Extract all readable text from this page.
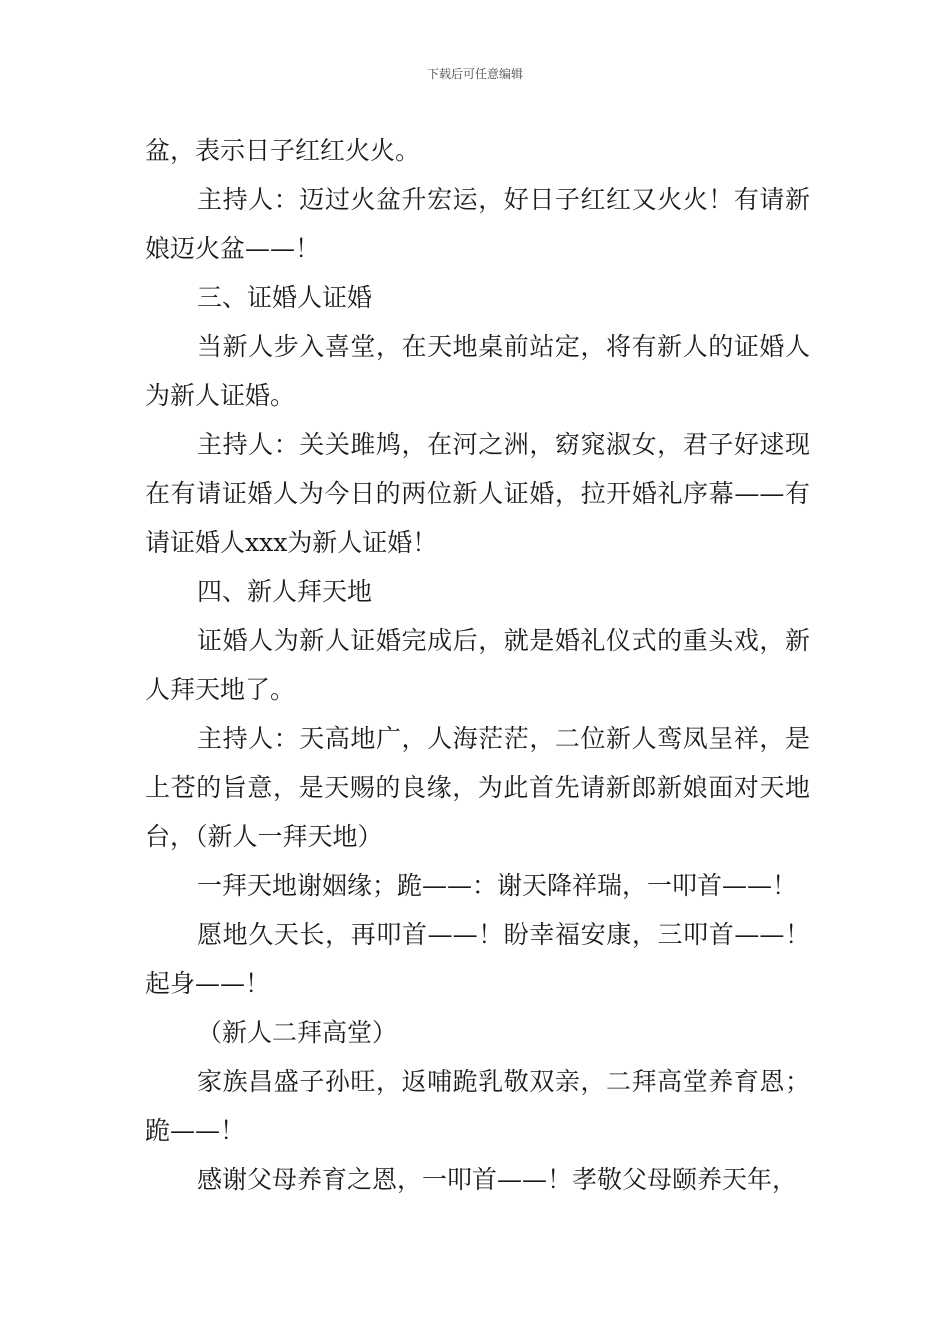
下载后可任意编辑

盆，表示日子红红火火。

主持人：迈过火盆升宏运，好日子红红又火火！有请新娘迈火盆——！

三、证婚人证婚

当新人步入喜堂，在天地桌前站定，将有新人的证婚人为新人证婚。

主持人：关关雎鸠，在河之洲，窈窕淑女，君子好逑现在有请证婚人为今日的两位新人证婚，拉开婚礼序幕——有请证婚人xxx为新人证婚！

四、新人拜天地

证婚人为新人证婚完成后，就是婚礼仪式的重头戏，新人拜天地了。

主持人：天高地广，人海茫茫，二位新人鸾凤呈祥，是上苍的旨意，是天赐的良缘，为此首先请新郎新娘面对天地台，（新人一拜天地）

一拜天地谢姻缘；跪——：谢天降祥瑞，一叩首——！

愿地久天长，再叩首——！盼幸福安康，三叩首——！起身——！

（新人二拜高堂）

家族昌盛子孙旺，返哺跪乳敬双亲，二拜高堂养育恩；跪——！

感谢父母养育之恩，一叩首——！孝敬父母颐养天年，
